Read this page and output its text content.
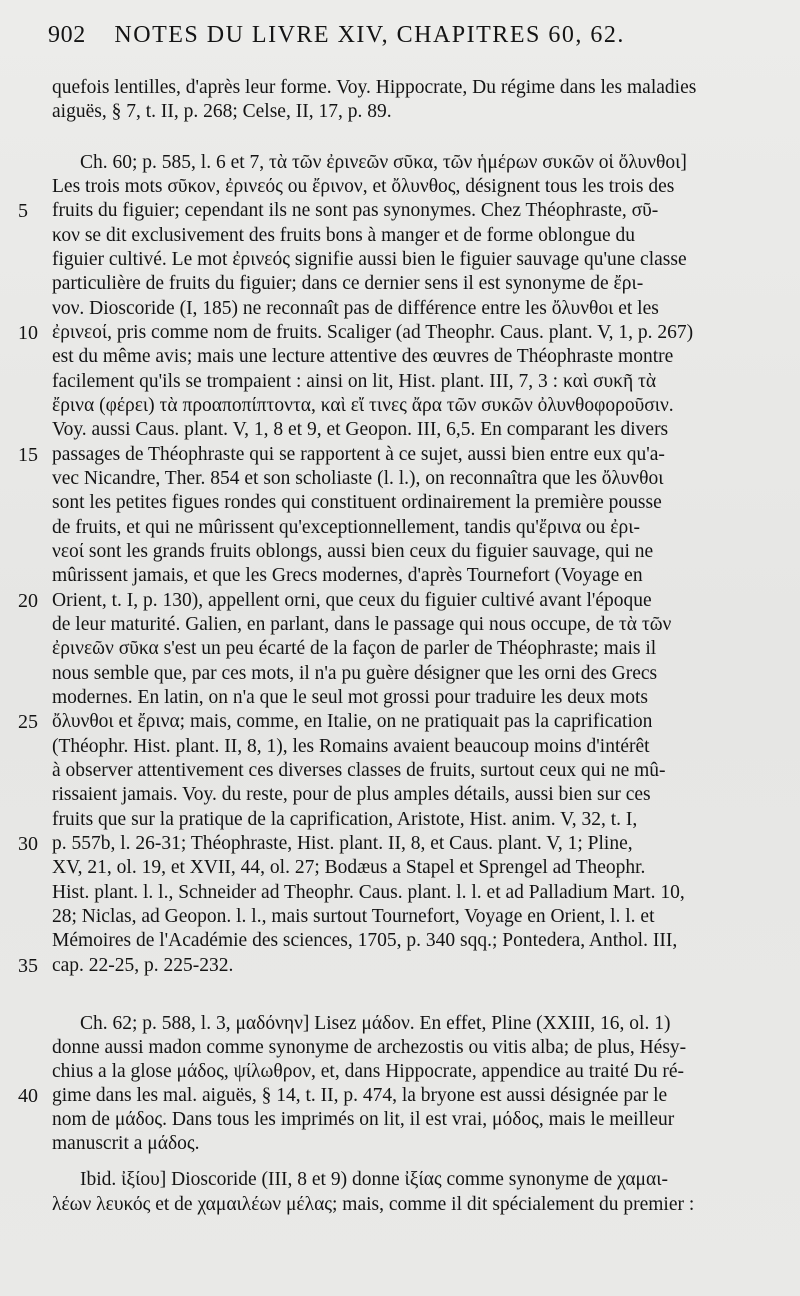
902 NOTES DU LIVRE XIV, CHAPITRES 60, 62.
quefois lentilles, d'après leur forme. Voy. Hippocrate, Du régime dans les maladies
aiguës, § 7, t. II, p. 268; Celse, II, 17, p. 89.
Ch. 60; p. 585, l. 6 et 7, τὰ τῶν ἐρινεῶν σῦκα, τῶν ἡμέρων συκῶν οἱ ὄλυνθοι]
Les trois mots σῦκον, ἐρινεός ou ἔρινον, et ὄλυνθος, désignent tous les trois des
fruits du figuier; cependant ils ne sont pas synonymes. Chez Théophraste, σῦ-
κον se dit exclusivement des fruits bons à manger et de forme oblongue du
figuier cultivé. Le mot ἐρινεός signifie aussi bien le figuier sauvage qu'une classe
particulière de fruits du figuier; dans ce dernier sens il est synonyme de ἔρι-
νον. Dioscoride (I, 185) ne reconnaît pas de différence entre les ὄλυνθοι et les
ἐρινεοί, pris comme nom de fruits. Scaliger (ad Theophr. Caus. plant. V, 1, p. 267)
est du même avis; mais une lecture attentive des œuvres de Théophraste montre
facilement qu'ils se trompaient : ainsi on lit, Hist. plant. III, 7, 3 : καὶ συκῆ τὰ
ἔρινα (φέρει) τὰ προαποπίπτοντα, καὶ εἴ τινες ἄρα τῶν συκῶν ὀλυνθοφοροῦσιν.
Voy. aussi Caus. plant. V, 1, 8 et 9, et Geopon. III, 6,5. En comparant les divers
passages de Théophraste qui se rapportent à ce sujet, aussi bien entre eux qu'a-
vec Nicandre, Ther. 854 et son scholiaste (l. l.), on reconnaîtra que les ὄλυνθοι
sont les petites figues rondes qui constituent ordinairement la première pousse
de fruits, et qui ne mûrissent qu'exceptionnellement, tandis qu'ἔρινα ou ἐρι-
νεοί sont les grands fruits oblongs, aussi bien ceux du figuier sauvage, qui ne
mûrissent jamais, et que les Grecs modernes, d'après Tournefort (Voyage en
Orient, t. I, p. 130), appellent orni, que ceux du figuier cultivé avant l'époque
de leur maturité. Galien, en parlant, dans le passage qui nous occupe, de τὰ τῶν
ἐρινεῶν σῦκα s'est un peu écarté de la façon de parler de Théophraste; mais il
nous semble que, par ces mots, il n'a pu guère désigner que les orni des Grecs
modernes. En latin, on n'a que le seul mot grossi pour traduire les deux mots
ὄλυνθοι et ἔρινα; mais, comme, en Italie, on ne pratiquait pas la caprification
(Théophr. Hist. plant. II, 8, 1), les Romains avaient beaucoup moins d'intérêt
à observer attentivement ces diverses classes de fruits, surtout ceux qui ne mû-
rissaient jamais. Voy. du reste, pour de plus amples détails, aussi bien sur ces
fruits que sur la pratique de la caprification, Aristote, Hist. anim. V, 32, t. I,
p. 557b, l. 26-31; Théophraste, Hist. plant. II, 8, et Caus. plant. V, 1; Pline,
XV, 21, ol. 19, et XVII, 44, ol. 27; Bodæus a Stapel et Sprengel ad Theophr.
Hist. plant. l. l., Schneider ad Theophr. Caus. plant. l. l. et ad Palladium Mart. 10,
28; Niclas, ad Geopon. l. l., mais surtout Tournefort, Voyage en Orient, l. l. et
Mémoires de l'Académie des sciences, 1705, p. 340 sqq.; Pontedera, Anthol. III,
cap. 22-25, p. 225-232.
Ch. 62; p. 588, l. 3, μαδόνην] Lisez μάδον. En effet, Pline (XXIII, 16, ol. 1)
donne aussi madon comme synonyme de archezostis ou vitis alba; de plus, Hésy-
chius a la glose μάδος, ψίλωθρον, et, dans Hippocrate, appendice au traité Du ré-
gime dans les mal. aiguës, § 14, t. II, p. 474, la bryone est aussi désignée par le
nom de μάδος. Dans tous les imprimés on lit, il est vrai, μόδος, mais le meilleur
manuscrit a μάδος.
Ibid. ἰξίου] Dioscoride (III, 8 et 9) donne ἰξίας comme synonyme de χαμαι-
λέων λευκός et de χαμαιλέων μέλας; mais, comme il dit spécialement du premier :
5
10
15
20
25
30
35
40
